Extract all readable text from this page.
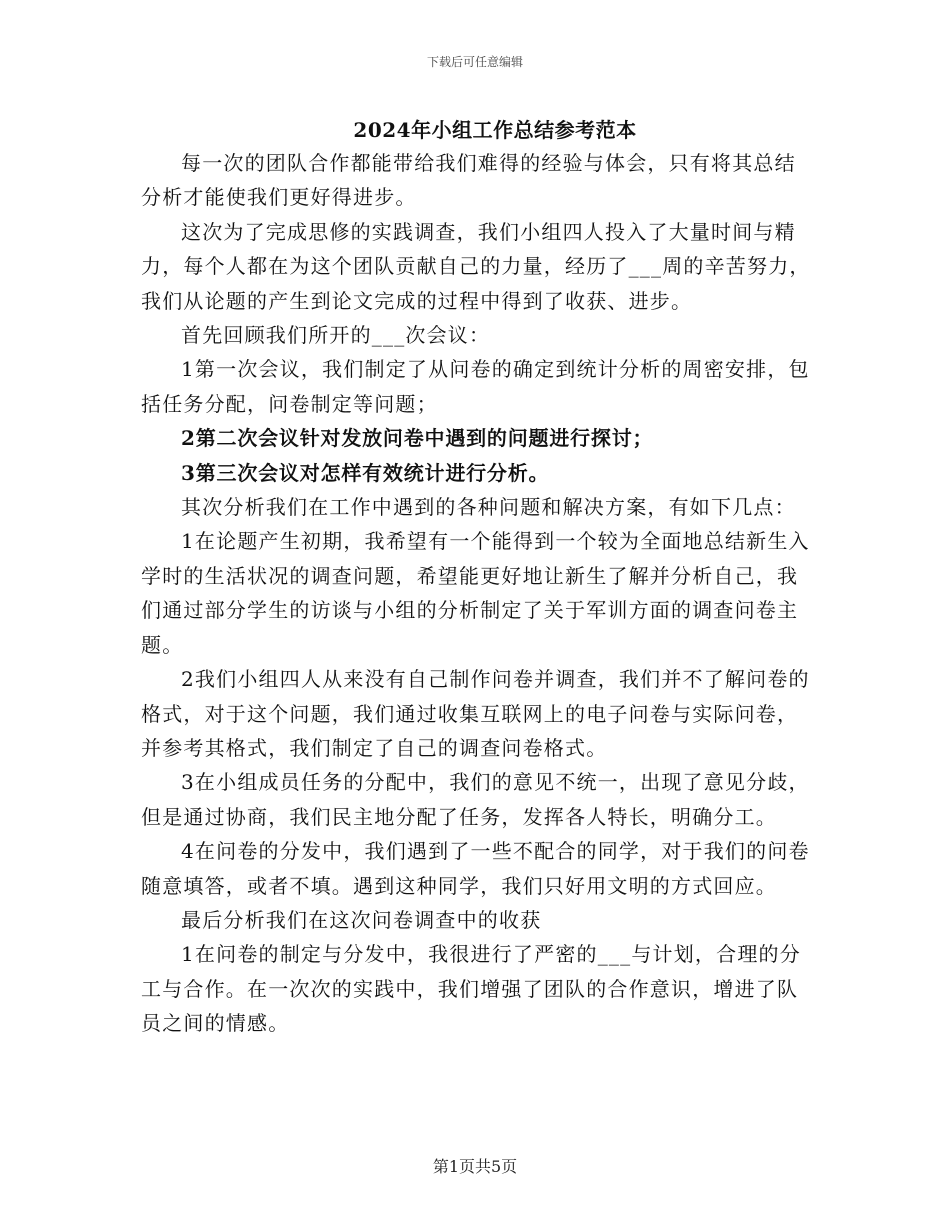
下载后可任意编辑
2024年小组工作总结参考范本

每一次的团队合作都能带给我们难得的经验与体会，只有将其总结分析才能使我们更好得进步。

这次为了完成思修的实践调查，我们小组四人投入了大量时间与精力，每个人都在为这个团队贡献自己的力量，经历了___周的辛苦努力，我们从论题的产生到论文完成的过程中得到了收获、进步。

首先回顾我们所开的___次会议：

1第一次会议，我们制定了从问卷的确定到统计分析的周密安排，包括任务分配，问卷制定等问题；

2第二次会议针对发放问卷中遇到的问题进行探讨；

3第三次会议对怎样有效统计进行分析。

其次分析我们在工作中遇到的各种问题和解决方案，有如下几点：

1在论题产生初期，我希望有一个能得到一个较为全面地总结新生入学时的生活状况的调查问题，希望能更好地让新生了解并分析自己，我们通过部分学生的访谈与小组的分析制定了关于军训方面的调查问卷主题。

2我们小组四人从来没有自己制作问卷并调查，我们并不了解问卷的格式，对于这个问题，我们通过收集互联网上的电子问卷与实际问卷，并参考其格式，我们制定了自己的调查问卷格式。

3在小组成员任务的分配中，我们的意见不统一，出现了意见分歧，但是通过协商，我们民主地分配了任务，发挥各人特长，明确分工。

4在问卷的分发中，我们遇到了一些不配合的同学，对于我们的问卷随意填答，或者不填。遇到这种同学，我们只好用文明的方式回应。

最后分析我们在这次问卷调查中的收获

1在问卷的制定与分发中，我很进行了严密的___与计划，合理的分工与合作。在一次次的实践中，我们增强了团队的合作意识，增进了队员之间的情感。

第1页共5页
